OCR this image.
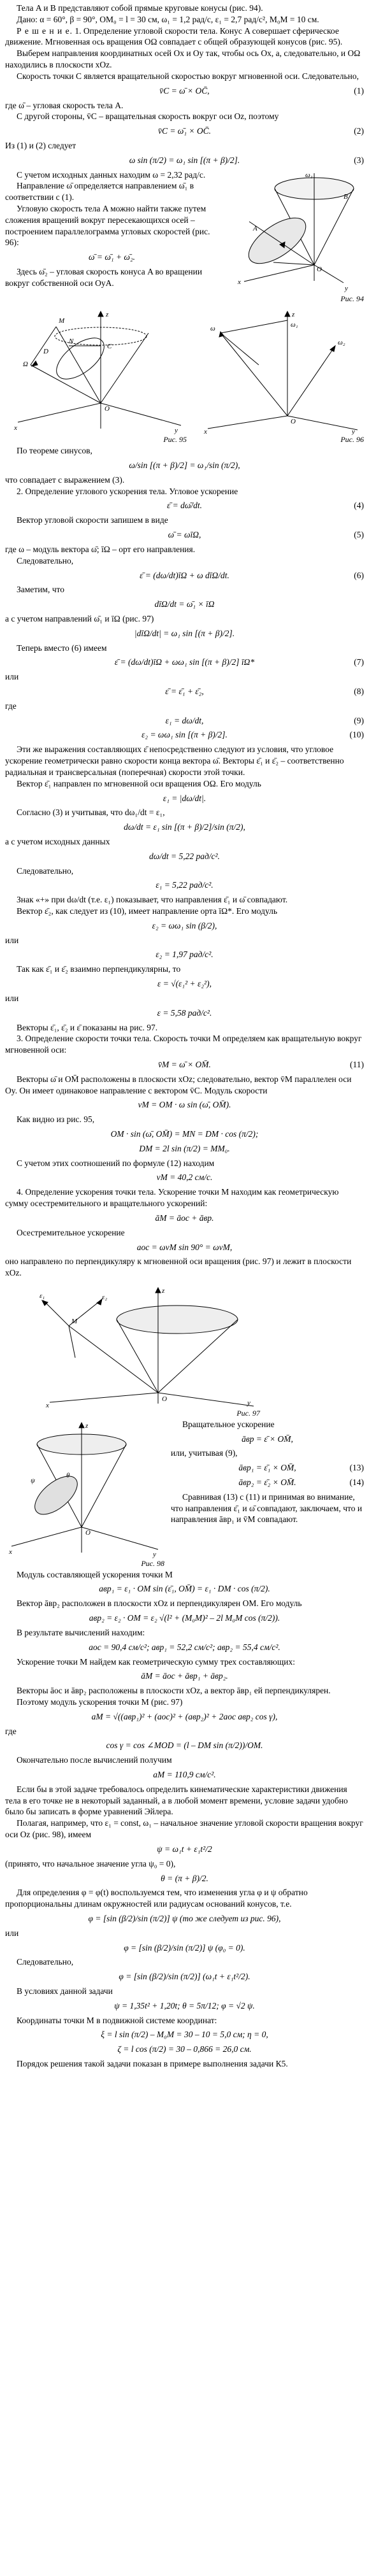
Тела A и B представляют собой прямые круговые конусы (рис. 94).

Дано: α = 60°, β = 90°, OM₀ = l = 30 см, ω₁ = 1,2 рад/с, ε₁ = 2,7 рад/с², M₀M = 10 см.

Р е ш е н и е. 1. Определение угловой скорости тела. Конус A совершает сферическое движение. Мгновенная ось вращения OΩ совпадает с общей образующей конусов (рис. 95).

Выберем направления координатных осей Ox и Oy так, чтобы ось Ox, а, следовательно, и OΩ находились в плоскости xOz.

Скорость точки C является вращательной скоростью вокруг мгновенной оси. Следовательно,

v̄C = ω̄ × OC̄,	(1)

где ω̄ – угловая скорость тела A.

С другой стороны, v̄C – вращательная скорость вокруг оси Oz, поэтому

v̄C = ω̄₁ × OC̄.	(2)

Из (1) и (2) следует

ω sin (π/2) = ω₁ sin [(π + β)/2].	(3)

С учетом исходных данных находим ω = 2,32 рад/с.

Направление ω̄ определяется направлением ω̄₁ в соответствии с (1).

Угловую скорость тела A можно найти также путем сложения вращений вокруг пересекающихся осей – построением параллелограмма угловых скоростей (рис. 96):

ω̄ = ω̄₁ + ω̄₂.

Здесь ω̄₂ – угловая скорость конуса A во вращении вокруг собственной оси OyA.

ω₁
B
A
x
y
O
Рис. 94
z
M
Ω
C
O
x	y
N
D
Рис. 95
z
ω₁
ω
ω₂
O
x	y
Рис. 96

По теореме синусов,

ω/sin [(π + β)/2] = ω₁/sin (π/2),

что совпадает с выражением (3).

2. Определение углового ускорения тела. Угловое ускорение

ε̄ = dω̄/dt.	(4)

Вектор угловой скорости запишем в виде

ω̄ = ωīΩ,	(5)

где ω – модуль вектора ω̄; īΩ – орт его направления.

Следовательно,

ε̄ = (dω/dt)īΩ + ω dīΩ/dt.	(6)

Заметим, что

dīΩ/dt = ω̄₁ × īΩ

а с учетом направлений ω̄₁ и īΩ (рис. 97)

|dīΩ/dt| = ω₁ sin [(π + β)/2].

Теперь вместо (6) имеем

ε̄ = (dω/dt)īΩ + ωω₁ sin [(π + β)/2] īΩ*	(7)

или

ε̄ = ε̄₁ + ε̄₂,	(8)

где

ε₁ = dω/dt,	(9)
ε₂ = ωω₁ sin [(π + β)/2].	(10)

Эти же выражения составляющих ε̄ непосредственно следуют из условия, что угловое ускорение геометрически равно скорости конца вектора ω̄. Векторы ε̄₁ и ε̄₂ – соответственно радиальная и трансверсальная (поперечная) скорости этой точки.

Вектор ε̄₁ направлен по мгновенной оси вращения OΩ. Его модуль

ε₁ = |dω/dt|.

Согласно (3) и учитывая, что dω₁/dt = ε₁,

dω/dt = ε₁ sin [(π + β)/2]/sin (π/2),

а с учетом исходных данных

dω/dt = 5,22 рад/с².

Следовательно,

ε₁ = 5,22 рад/с².

Знак «+» при dω/dt (т.е. ε₁) показывает, что направления ε̄₁ и ω̄ совпадают.

Вектор ε̄₂, как следует из (10), имеет направление орта īΩ*. Его модуль

ε₂ = ωω₁ sin (β/2),

или

ε₂ = 1,97 рад/с².

Так как ε̄₁ и ε̄₂ взаимно перпендикулярны, то

ε = √(ε₁² + ε₂²),

или

ε = 5,58 рад/с².

Векторы ε̄₁, ε̄₂ и ε̄ показаны на рис. 97.

3. Определение скорости точки тела. Скорость точки M определяем как вращательную вокруг мгновенной оси:

v̄M = ω̄ × OM̄.	(11)

Векторы ω̄ и OM̄ расположены в плоскости xOz; следовательно, вектор v̄M параллелен оси Oy. Он имеет одинаковое направление с вектором v̄C. Модуль скорости

vM = OM · ω sin (ω̄, OM̄).

Как видно из рис. 95,

OM · sin (ω̄, OM̄) = MN = DM · cos (π/2);
DM = 2l sin (π/2) = MM₀.

С учетом этих соотношений по формуле (12) находим

vM = 40,2 см/с.

4. Определение ускорения точки тела. Ускорение точки M находим как геометрическую сумму осестремительного и вращательного ускорений:

āM = āoc + āвр.

Осестремительное ускорение

aoc = ωvM sin 90° = ωvM,

оно направлено по перпендикуляру к мгновенной оси вращения (рис. 97) и лежит в плоскости xOz.

z
M
ε₁	ε₂
O
x	y
Рис. 97
z
O
x	y
ψ
θ
Рис. 98

Вращательное ускорение

āвр = ε̄ × OM̄,

или, учитывая (9),

āвр₁ = ε̄₁ × OM̄,	(13)
āвр₂ = ε̄₂ × OM̄.	(14)

Сравнивая (13) с (11) и принимая во внимание, что направления ε̄₁ и ω̄ совпадают, заключаем, что и направления āвр₁ и v̄M совпадают.

Модуль составляющей ускорения точки M

aвр₁ = ε₁ · OM sin (ε̄₁, OM̄) = ε₁ · DM · cos (π/2).

Вектор āвр₂ расположен в плоскости xOz и перпендикулярен OM. Его модуль

aвр₂ = ε₂ · OM = ε₂ √(l² + (M₀M)² – 2l M₀M cos (π/2)).

В результате вычислений находим:

aoc = 90,4 см/с²; aвр₁ = 52,2 см/с²; aвр₂ = 55,4 см/с².

Ускорение точки M найдем как геометрическую сумму трех составляющих:

āM = āoc + āвр₁ + āвр₂.

Векторы āoc и āвр₂ расположены в плоскости xOz, а вектор āвр₁ ей перпендикулярен.

Поэтому модуль ускорения точки M (рис. 97)

aM = √((aвр₁)² + (aoc)² + (aвр₂)² + 2aoc aвр₂ cos γ),

где

cos γ = cos ∠MOD = (l – DM sin (π/2))/OM.

Окончательно после вычислений получим

aM = 110,9 см/с².

Если бы в этой задаче требовалось определить кинематические характеристики движения тела в его точке не в некоторый заданный, а в любой момент времени, условие задачи удобно было бы записать в форме уравнений Эйлера.

Полагая, например, что ε₁ = const, ω₁ – начальное значение угловой скорости вращения вокруг оси Oz (рис. 98), имеем

ψ = ω₁t + ε₁t²/2

(принято, что начальное значение угла ψ₀ = 0),

θ = (π + β)/2.

Для определения φ = φ(t) воспользуемся тем, что изменения угла φ и ψ обратно пропорциональны длинам окружностей или радиусам оснований конусов, т.е.

φ = [sin (β/2)/sin (π/2)] ψ (то же следует из рис. 96),

или

φ = [sin (β/2)/sin (π/2)] ψ (φ₀ = 0).

Следовательно,

φ = [sin (β/2)/sin (π/2)] (ω₁t + ε₁t²/2).

В условиях данной задачи

ψ = 1,35t² + 1,20t; θ = 5π/12; φ = √2 ψ.

Координаты точки M в подвижной системе координат:

ξ = l sin (π/2) – M₀M = 30 – 10 = 5,0 см; η = 0,
ζ = l cos (π/2) = 30 – 0,866 = 26,0 см.

Порядок решения такой задачи показан в примере выполнения задачи К5.
